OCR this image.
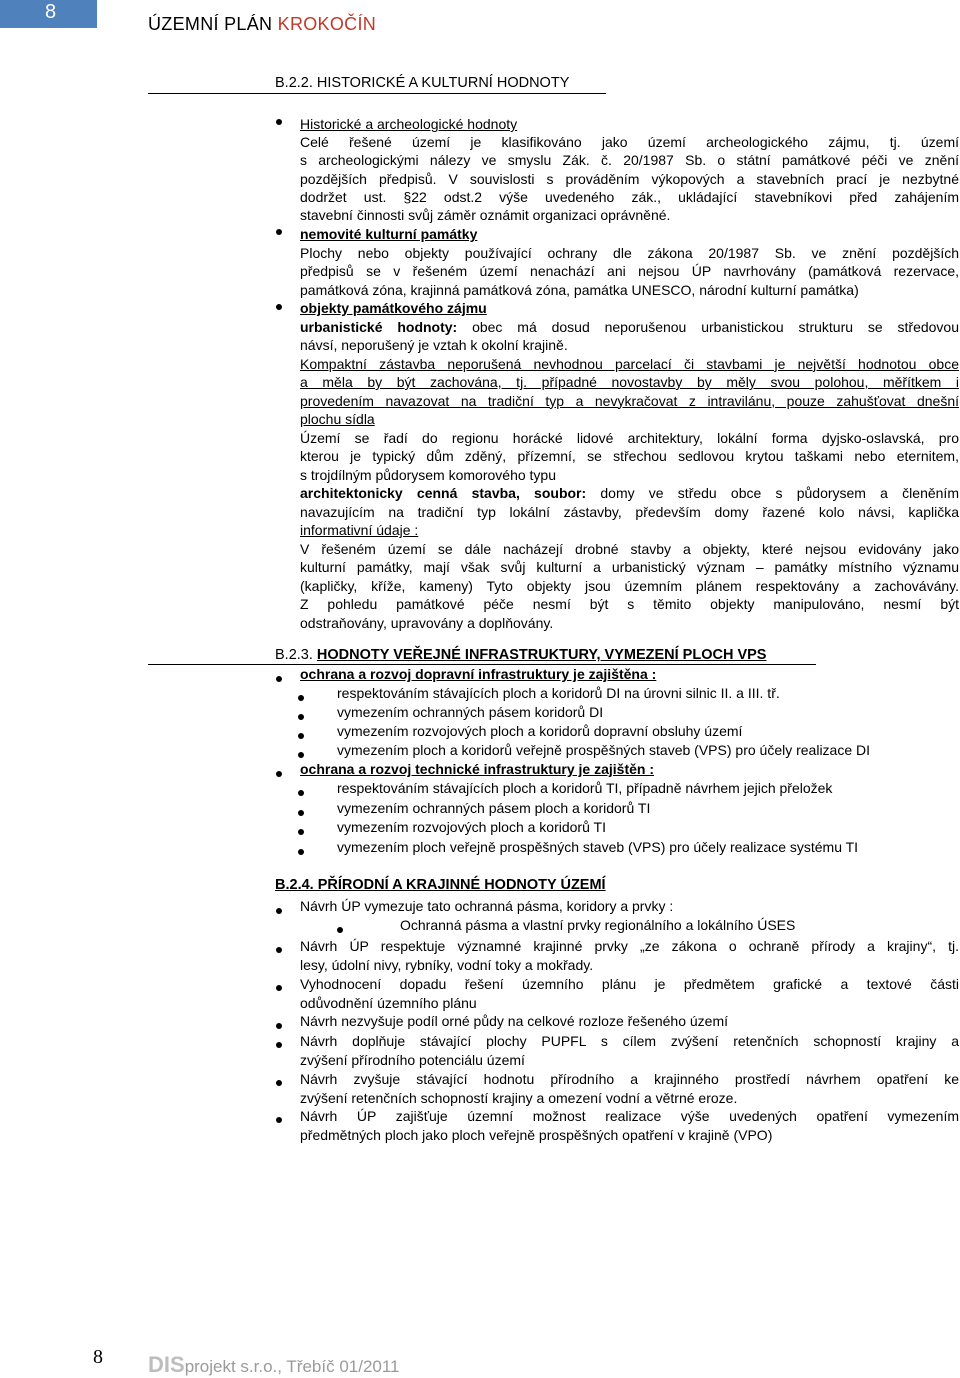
8
ÚZEMNÍ PLÁN KROKOČÍN
B.2.2. HISTORICKÉ A KULTURNÍ HODNOTY

Historické a archeologické hodnoty

Celé řešené území je klasifikováno jako území archeologického zájmu, tj. území

s archeologickými nálezy ve smyslu Zák. č. 20/1987 Sb. o státní památkové péči ve znění

pozdějších předpisů. V souvislosti s prováděním výkopových a stavebních prací je nezbytné

dodržet ust. §22 odst.2 výše uvedeného zák., ukládající stavebníkovi před zahájením

stavební činnosti svůj záměr oznámit organizaci oprávněné.

nemovité kulturní památky

Plochy nebo objekty používající ochrany dle zákona 20/1987 Sb. ve znění pozdějších

předpisů se v řešeném území nenachází ani nejsou ÚP navrhovány (památková rezervace,

památková zóna, krajinná památková zóna, památka UNESCO, národní kulturní památka)

objekty památkového zájmu

urbanistické hodnoty: obec má dosud neporušenou urbanistickou strukturu se středovou

návsí, neporušený je vztah k okolní krajině.

Kompaktní zástavba neporušená nevhodnou parcelací či stavbami je největší hodnotou obce

a měla by být zachována, tj. případné novostavby by měly svou polohou, měřítkem i

provedením navazovat na tradiční typ a nevykračovat z intravilánu, pouze zahušťovat dnešní

plochu sídla

Území se řadí do regionu horácké lidové architektury, lokální forma dyjsko-oslavská, pro

kterou je typický dům zděný, přízemní, se střechou sedlovou krytou taškami nebo eternitem,

s trojdílným půdorysem komorového typu

architektonicky cenná stavba, soubor: domy ve středu obce s půdorysem a členěním

navazujícím na tradiční typ lokální zástavby, především domy řazené kolo návsi, kaplička

informativní údaje :

V řešeném území se dále nacházejí drobné stavby a objekty, které nejsou evidovány jako

kulturní památky, mají však svůj kulturní a urbanistický význam – památky místního významu

(kapličky, kříže, kameny) Tyto objekty jsou územním plánem respektovány a zachovávány.

Z pohledu památkové péče nesmí být s těmito objekty manipulováno, nesmí být

odstraňovány, upravovány a doplňovány.

B.2.3. HODNOTY VEŘEJNÉ INFRASTRUKTURY, VYMEZENÍ PLOCH VPS
ochrana a rozvoj dopravní infrastruktury je zajištěna :
respektováním stávajících ploch a koridorů DI na úrovni silnic II. a III. tř.
vymezením ochranných pásem koridorů DI
vymezením rozvojových ploch a koridorů dopravní obsluhy území
vymezením ploch a koridorů veřejně prospěšných staveb (VPS) pro účely realizace DI
ochrana a rozvoj technické infrastruktury je zajištěn :
respektováním stávajících ploch a koridorů TI, případně návrhem jejich přeložek
vymezením ochranných pásem ploch a koridorů TI
vymezením rozvojových ploch a koridorů TI
vymezením ploch veřejně prospěšných staveb (VPS) pro účely realizace systému TI
B.2.4. PŘÍRODNÍ A KRAJINNÉ HODNOTY ÚZEMÍ
Návrh ÚP vymezuje tato ochranná pásma, koridory a prvky :
Ochranná pásma a vlastní prvky regionálního a lokálního ÚSES

Návrh ÚP respektuje významné krajinné prvky „ze zákona o ochraně přírody a krajiny“, tj.

lesy, údolní nivy, rybníky, vodní toky a mokřady.

Vyhodnocení dopadu řešení územního plánu je předmětem grafické a textové části

odůvodnění územního plánu

Návrh nezvyšuje podíl orné půdy na celkové rozloze řešeného území

Návrh doplňuje stávající plochy PUPFL s cílem zvýšení retenčních schopností krajiny a

zvýšení přírodního potenciálu území

Návrh zvyšuje stávající hodnotu přírodního a krajinného prostředí návrhem opatření ke

zvýšení retenčních schopností krajiny a omezení vodní a větrné eroze.

Návrh ÚP zajišťuje územní možnost realizace výše uvedených opatření vymezením

předmětných ploch jako ploch veřejně prospěšných opatření v krajině (VPO)

8 DISprojekt s.r.o., Třebíč 01/2011
